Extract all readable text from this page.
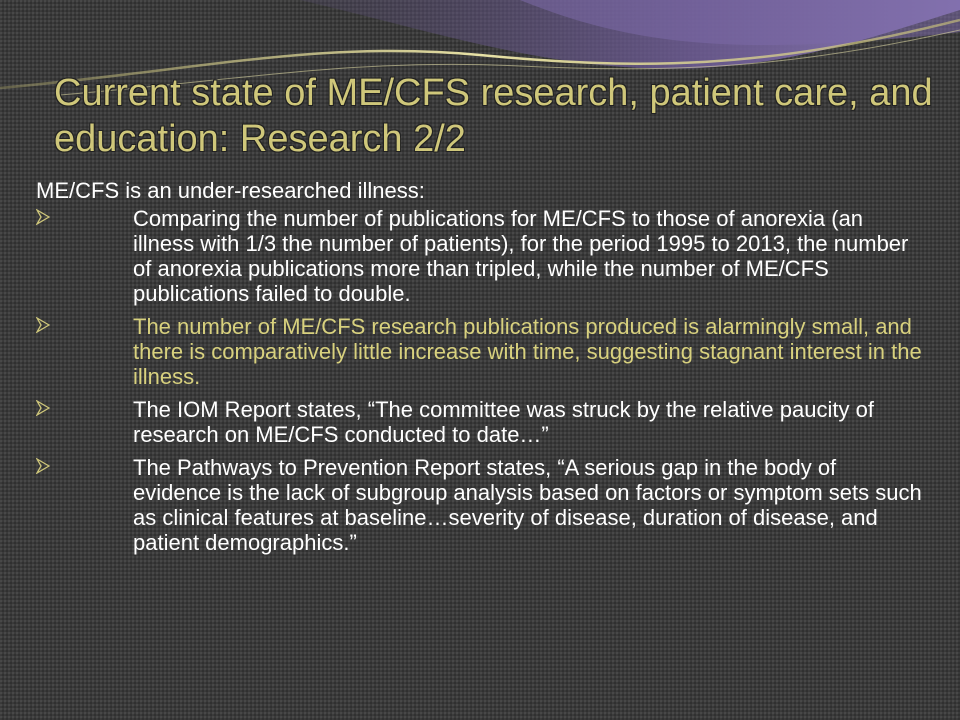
Current state of ME/CFS research, patient care, and education: Research 2/2

ME/CFS is an under-researched illness:

Comparing the number of publications for ME/CFS to those of anorexia (an illness with 1/3 the number of patients), for the period 1995 to 2013, the number of anorexia publications more than tripled, while the number of ME/CFS publications failed to double.
The number of ME/CFS research publications produced is alarmingly small, and there is comparatively little increase with time, suggesting stagnant interest in the illness.
The IOM Report states, “The committee was struck by the relative paucity of research on ME/CFS conducted to date…”
The Pathways to Prevention Report states, “A serious gap in the body of evidence is the lack of subgroup analysis based on factors or symptom sets such as clinical features at baseline…severity of disease, duration of disease, and patient demographics.”
